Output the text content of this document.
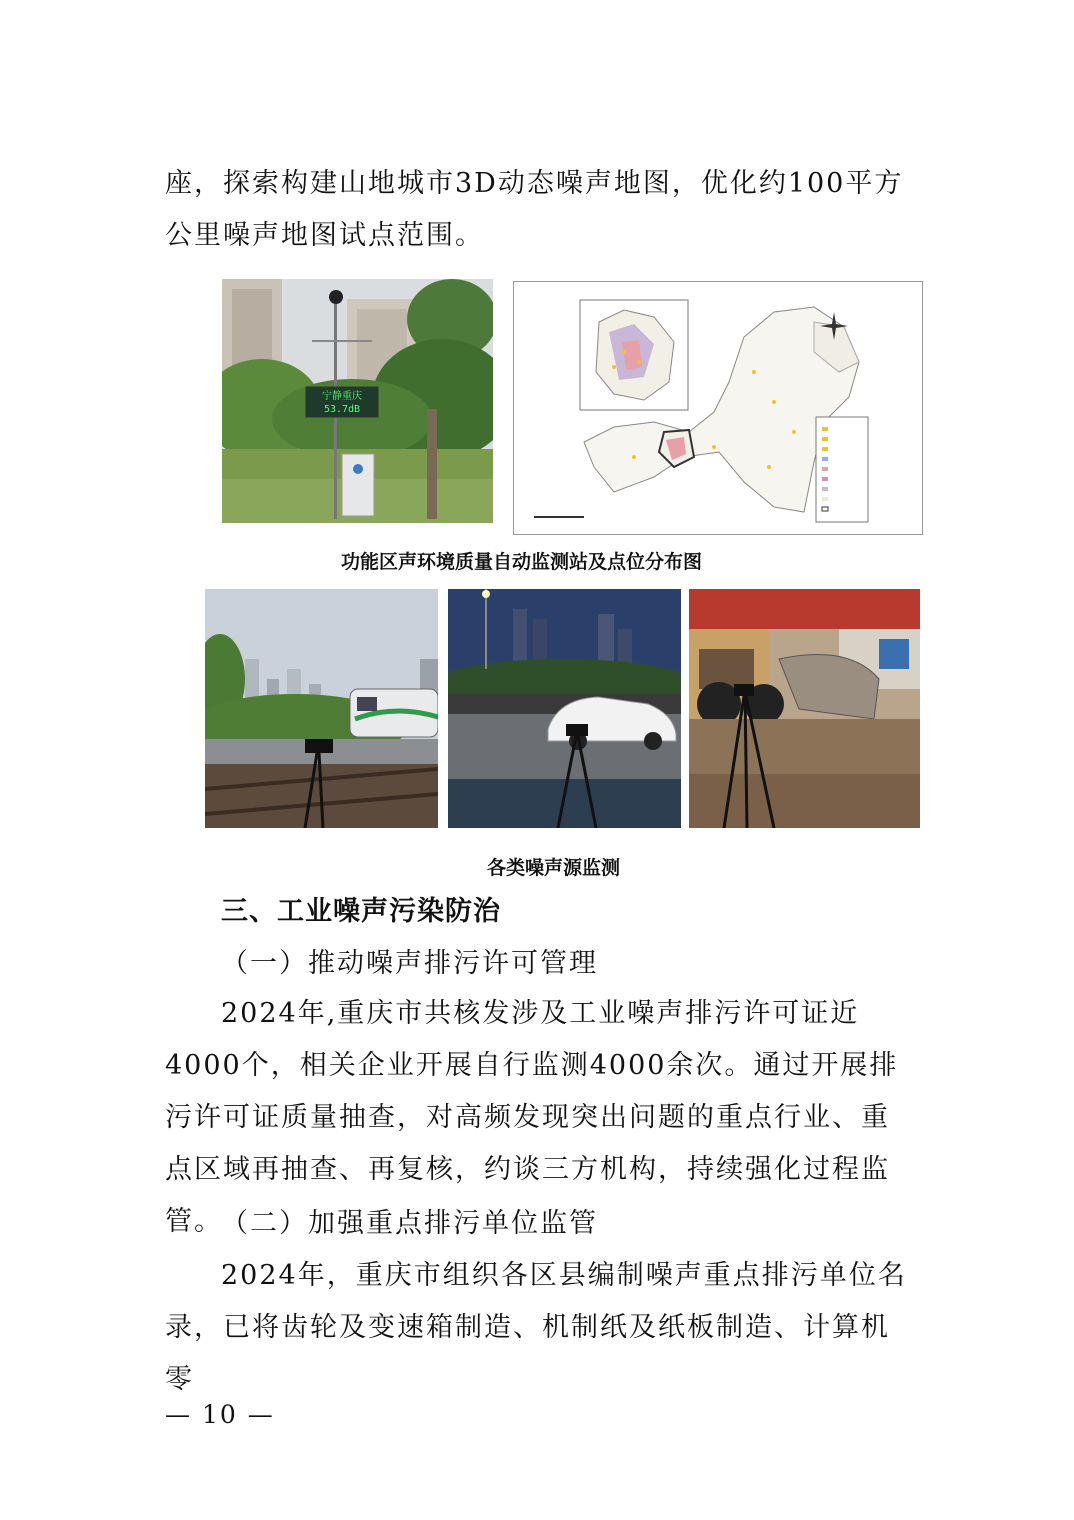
座，探索构建山地城市3D动态噪声地图，优化约100平方公里噪声地图试点范围。

宁静重庆
53.7dB
功能区声环境质量自动监测站及点位分布图
各类噪声源监测
三、工业噪声污染防治
（一）推动噪声排污许可管理

2024年,重庆市共核发涉及工业噪声排污许可证近4000个，相关企业开展自行监测4000余次。通过开展排污许可证质量抽查，对高频发现突出问题的重点行业、重点区域再抽查、再复核，约谈三方机构，持续强化过程监管。

（二）加强重点排污单位监管

2024年，重庆市组织各区县编制噪声重点排污单位名录，已将齿轮及变速箱制造、机制纸及纸板制造、计算机零

— 10 —
